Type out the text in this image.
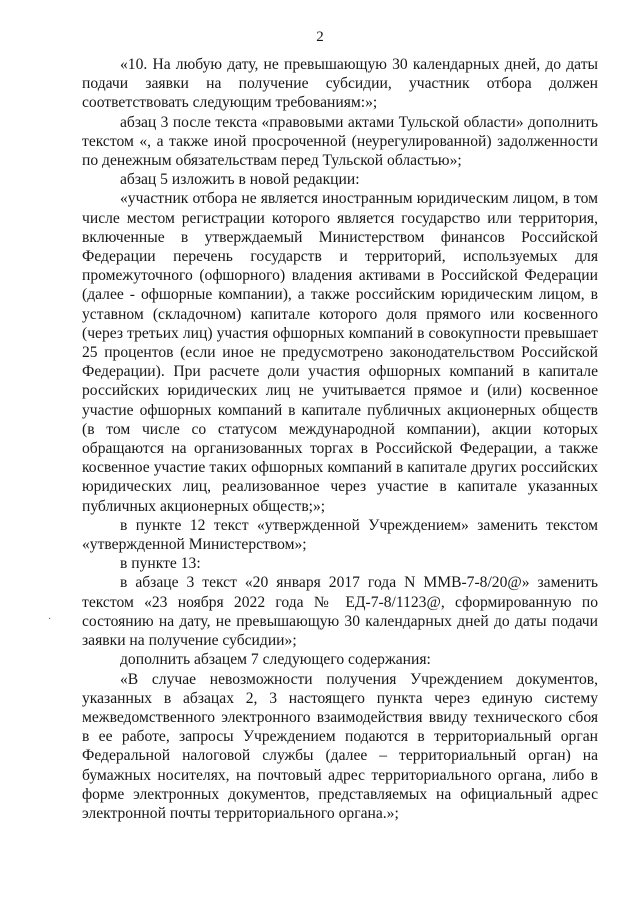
2

«10. На любую дату, не превышающую 30 календарных дней, до даты подачи заявки на получение субсидии, участник отбора должен соответствовать следующим требованиям:»;

абзац 3 после текста «правовыми актами Тульской области» дополнить текстом «, а также иной просроченной (неурегулированной) задолженности по денежным обязательствам перед Тульской областью»;

абзац 5 изложить в новой редакции:

«участник отбора не является иностранным юридическим лицом, в том числе местом регистрации которого является государство или территория, включенные в утверждаемый Министерством финансов Российской Федерации перечень государств и территорий, используемых для промежуточного (офшорного) владения активами в Российской Федерации (далее - офшорные компании), а также российским юридическим лицом, в уставном (складочном) капитале которого доля прямого или косвенного (через третьих лиц) участия офшорных компаний в совокупности превышает 25 процентов (если иное не предусмотрено законодательством Российской Федерации). При расчете доли участия офшорных компаний в капитале российских юридических лиц не учитывается прямое и (или) косвенное участие офшорных компаний в капитале публичных акционерных обществ (в том числе со статусом международной компании), акции которых обращаются на организованных торгах в Российской Федерации, а также косвенное участие таких офшорных компаний в капитале других российских юридических лиц, реализованное через участие в капитале указанных публичных акционерных обществ;»;

в пункте 12 текст «утвержденной Учреждением» заменить текстом «утвержденной Министерством»;

в пункте 13:

в абзаце 3 текст «20 января 2017 года N ММВ-7-8/20@» заменить текстом «23 ноября 2022 года № ЕД-7-8/1123@, сформированную по состоянию на дату, не превышающую 30 календарных дней до даты подачи заявки на получение субсидии»;

дополнить абзацем 7 следующего содержания:

«В случае невозможности получения Учреждением документов, указанных в абзацах 2, 3 настоящего пункта через единую систему межведомственного электронного взаимодействия ввиду технического сбоя в ее работе, запросы Учреждением подаются в территориальный орган Федеральной налоговой службы (далее – территориальный орган) на бумажных носителях, на почтовый адрес территориального органа, либо в форме электронных документов, представляемых на официальный адрес электронной почты территориального органа.»;

·
